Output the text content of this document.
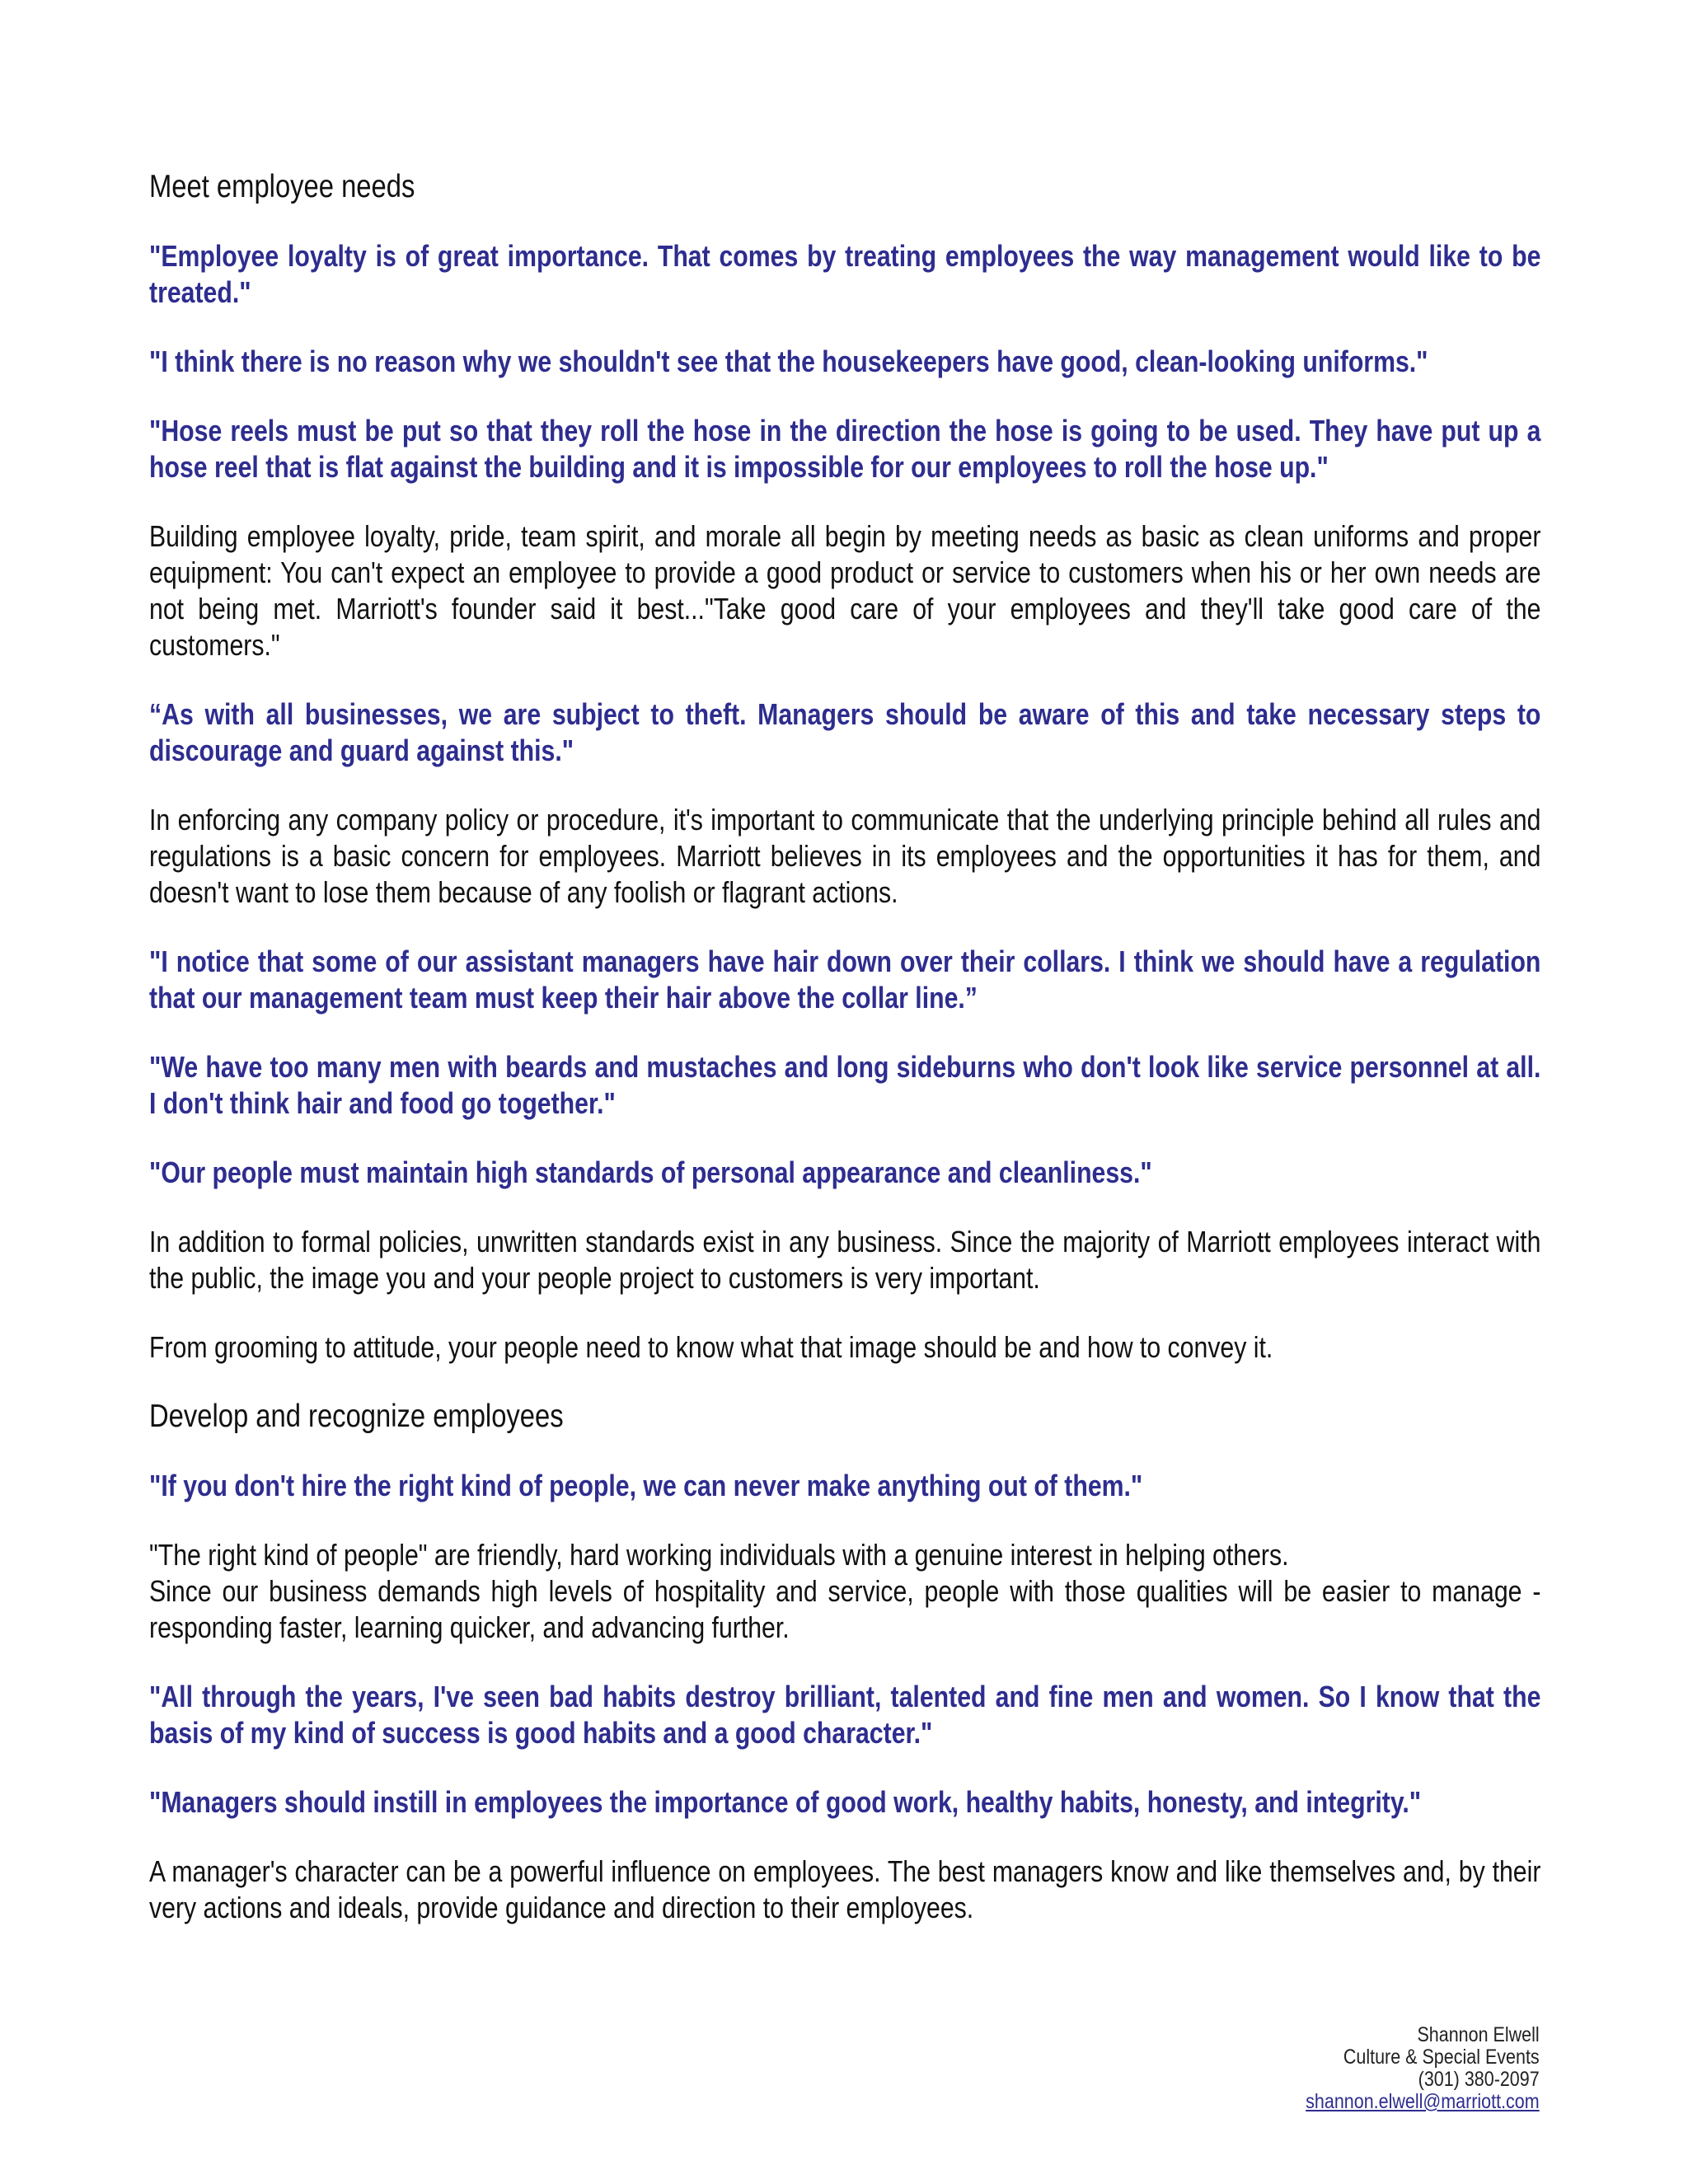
Meet employee needs

"Employee loyalty is of great importance. That comes by treating employees the way management would like to be treated."

"I think there is no reason why we shouldn't see that the housekeepers have good, clean-looking uniforms."

"Hose reels must be put so that they roll the hose in the direction the hose is going to be used. They have put up a hose reel that is flat against the building and it is impossible for our employees to roll the hose up."

Building employee loyalty, pride, team spirit, and morale all begin by meeting needs as basic as clean uniforms and proper equipment: You can't expect an employee to provide a good product or service to customers when his or her own needs are not being met. Marriott's founder said it best..."Take good care of your employees and they'll take good care of the customers."

“As with all businesses, we are subject to theft. Managers should be aware of this and take necessary steps to discourage and guard against this."

In enforcing any company policy or procedure, it's important to communicate that the underlying principle behind all rules and regulations is a basic concern for employees. Marriott believes in its employees and the opportunities it has for them, and doesn't want to lose them because of any foolish or flagrant actions.

"I notice that some of our assistant managers have hair down over their collars. I think we should have a regulation that our management team must keep their hair above the collar line.”

"We have too many men with beards and mustaches and long sideburns who don't look like service personnel at all. I don't think hair and food go together."

"Our people must maintain high standards of personal appearance and cleanliness."

In addition to formal policies, unwritten standards exist in any business. Since the majority of Marriott employees interact with the public, the image you and your people project to customers is very important.

From grooming to attitude, your people need to know what that image should be and how to convey it.

Develop and recognize employees

"If you don't hire the right kind of people, we can never make anything out of them."

"The right kind of people" are friendly, hard working individuals with a genuine interest in helping others.
Since our business demands high levels of hospitality and service, people with those qualities will be easier to manage - responding faster, learning quicker, and advancing further.

"All through the years, I've seen bad habits destroy brilliant, talented and fine men and women. So I know that the basis of my kind of success is good habits and a good character."

"Managers should instill in employees the importance of good work, healthy habits, honesty, and integrity."

A manager's character can be a powerful influence on employees. The best managers know and like themselves and, by their very actions and ideals, provide guidance and direction to their employees.

Shannon Elwell
Culture & Special Events
(301) 380-2097
shannon.elwell@marriott.com
